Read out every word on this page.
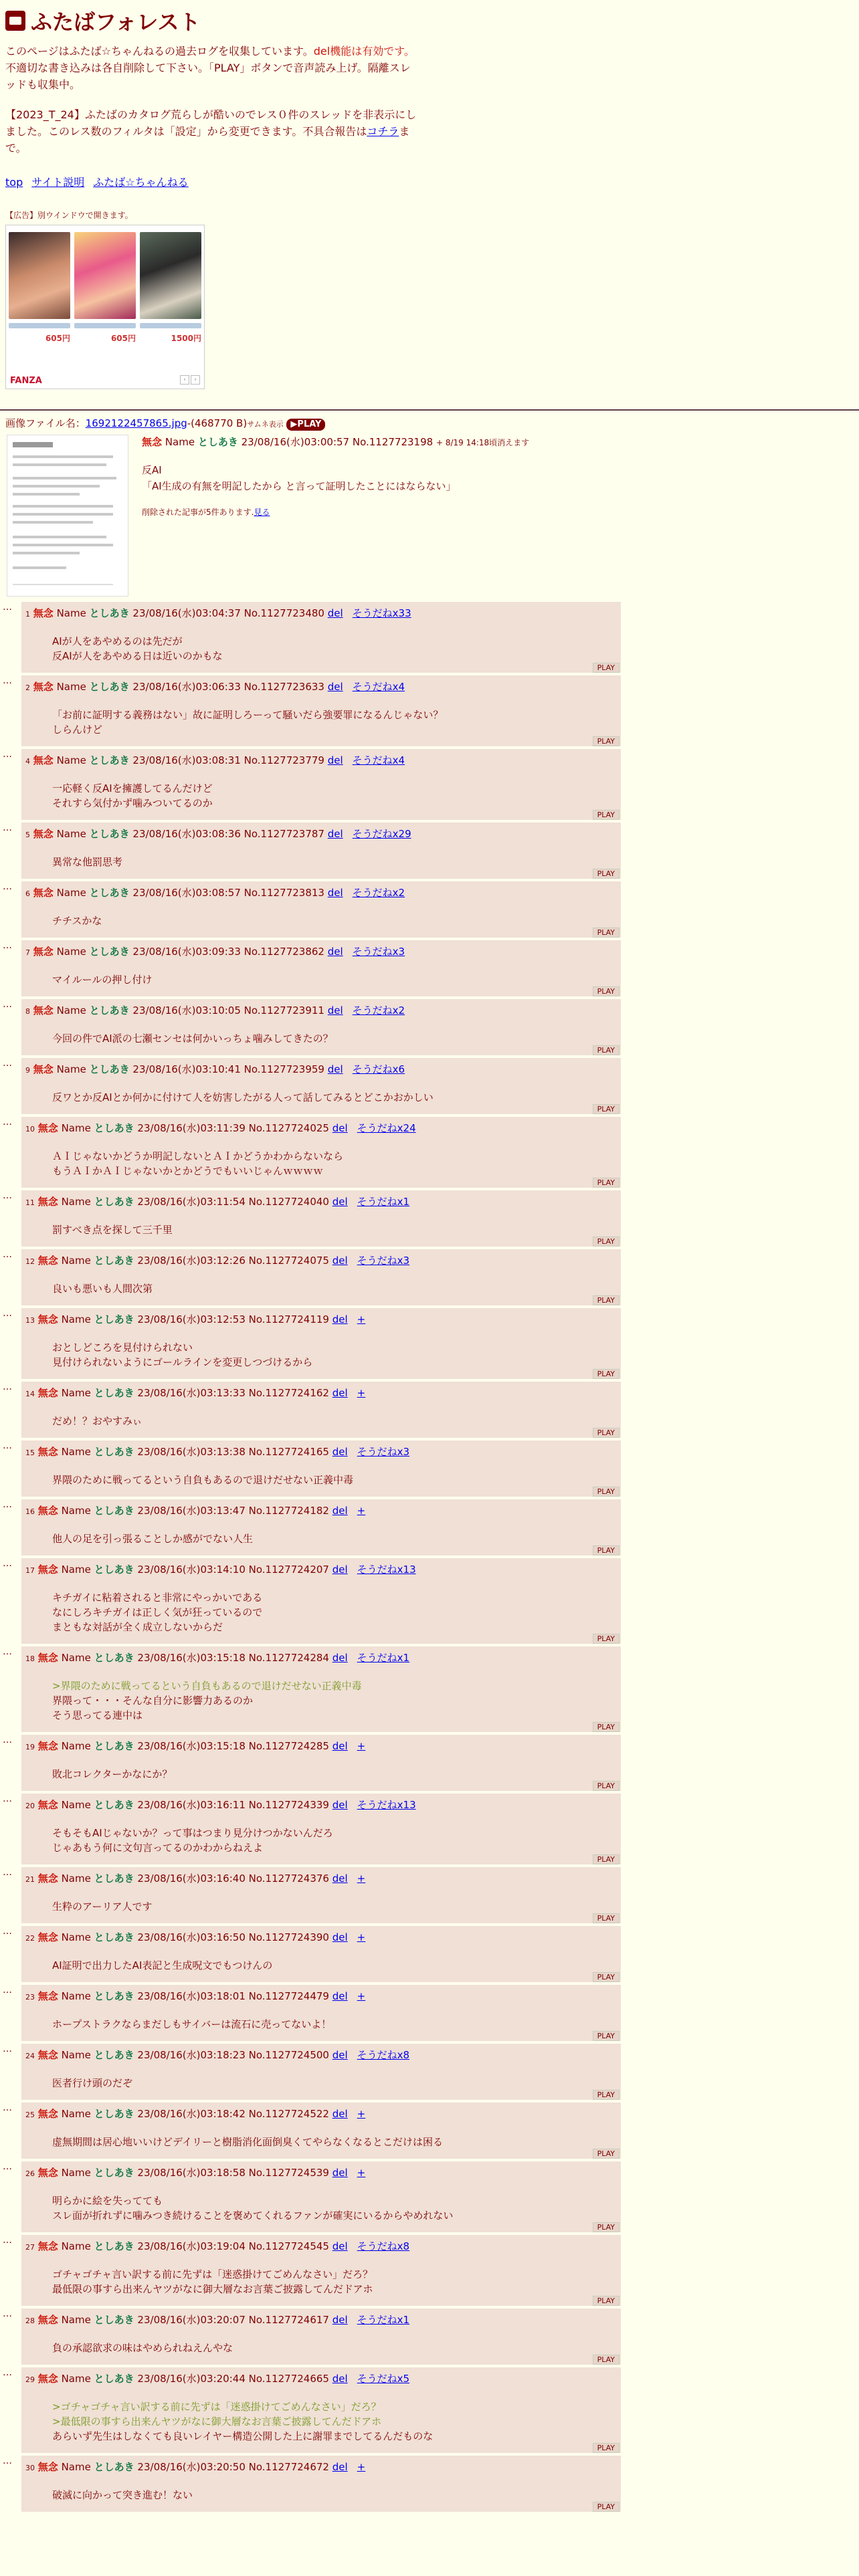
ふたばフォレスト

このページはふたば☆ちゃんねるの過去ログを収集しています。del機能は有効です。不適切な書き込みは各自削除して下さい。「PLAY」ボタンで音声読み上げ。隔離スレッドも収集中。

【2023_T_24】ふたばのカタログ荒らしが酷いのでレス０件のスレッドを非表示にしました。このレス数のフィルタは「設定」から変更できます。不具合報告はコチラまで。

top サイト説明 ふたば☆ちゃんねる
【広告】別ウインドウで開きます。
605円	605円	1500円
FANZA	‹	›
画像ファイル名：1692122457865.jpg-(468770 B)サムネ表示 ▶PLAY
無念 Name としあき 23/08/16(水)03:00:57 No.1127723198 + 8/19 14:18頃消えます
反AI
「AI生成の有無を明記したから と言って証明したことにはならない」
削除された記事が5件あります.見る
…
1 無念 Name としあき 23/08/16(水)03:04:37 No.1127723480 del そうだねx33
AIが人をあやめるのは先だが
反AIが人をあやめる日は近いのかもな
PLAY
…
2 無念 Name としあき 23/08/16(水)03:06:33 No.1127723633 del そうだねx4
「お前に証明する義務はない」故に証明しろーって騒いだら強要罪になるんじゃない？
しらんけど
PLAY
…
4 無念 Name としあき 23/08/16(水)03:08:31 No.1127723779 del そうだねx4
一応軽く反AIを擁護してるんだけど
それすら気付かず噛みついてるのか
PLAY
…
5 無念 Name としあき 23/08/16(水)03:08:36 No.1127723787 del そうだねx29
異常な他罰思考
PLAY
…
6 無念 Name としあき 23/08/16(水)03:08:57 No.1127723813 del そうだねx2
チチスかな
PLAY
…
7 無念 Name としあき 23/08/16(水)03:09:33 No.1127723862 del そうだねx3
マイルールの押し付け
PLAY
…
8 無念 Name としあき 23/08/16(水)03:10:05 No.1127723911 del そうだねx2
今回の件でAI派の七瀬センセは何かいっちょ噛みしてきたの？
PLAY
…
9 無念 Name としあき 23/08/16(水)03:10:41 No.1127723959 del そうだねx6
反ワとか反AIとか何かに付けて人を妨害したがる人って話してみるとどこかおかしい
PLAY
…
10 無念 Name としあき 23/08/16(水)03:11:39 No.1127724025 del そうだねx24
ＡＩじゃないかどうか明記しないとＡＩかどうかわからないなら
もうＡＩかＡＩじゃないかとかどうでもいいじゃんｗｗｗｗ
PLAY
…
11 無念 Name としあき 23/08/16(水)03:11:54 No.1127724040 del そうだねx1
罰すべき点を探して三千里
PLAY
…
12 無念 Name としあき 23/08/16(水)03:12:26 No.1127724075 del そうだねx3
良いも悪いも人間次第
PLAY
…
13 無念 Name としあき 23/08/16(水)03:12:53 No.1127724119 del +
おとしどころを見付けられない
見付けられないようにゴールラインを変更しつづけるから
PLAY
…
14 無念 Name としあき 23/08/16(水)03:13:33 No.1127724162 del +
だめ！？おやすみぃ
PLAY
…
15 無念 Name としあき 23/08/16(水)03:13:38 No.1127724165 del そうだねx3
界隈のために戦ってるという自負もあるので退けだせない正義中毒
PLAY
…
16 無念 Name としあき 23/08/16(水)03:13:47 No.1127724182 del +
他人の足を引っ張ることしか感がでない人生
PLAY
…
17 無念 Name としあき 23/08/16(水)03:14:10 No.1127724207 del そうだねx13
キチガイに粘着されると非常にやっかいである
なにしろキチガイは正しく気が狂っているので
まともな対話が全く成立しないからだ
PLAY
…
18 無念 Name としあき 23/08/16(水)03:15:18 No.1127724284 del そうだねx1
>界隈のために戦ってるという自負もあるので退けだせない正義中毒
界隈って・・・そんな自分に影響力あるのか
そう思ってる連中は
PLAY
…
19 無念 Name としあき 23/08/16(水)03:15:18 No.1127724285 del +
敗北コレクターかなにか？
PLAY
…
20 無念 Name としあき 23/08/16(水)03:16:11 No.1127724339 del そうだねx13
そもそもAIじゃないか？って事はつまり見分けつかないんだろ
じゃあもう何に文句言ってるのかわからねえよ
PLAY
…
21 無念 Name としあき 23/08/16(水)03:16:40 No.1127724376 del +
生粋のアーリア人です
PLAY
…
22 無念 Name としあき 23/08/16(水)03:16:50 No.1127724390 del +
AI証明で出力したAI表記と生成呪文でもつけんの
PLAY
…
23 無念 Name としあき 23/08/16(水)03:18:01 No.1127724479 del +
ホープストラクならまだしもサイバーは流石に売ってないよ！
PLAY
…
24 無念 Name としあき 23/08/16(水)03:18:23 No.1127724500 del そうだねx8
医者行け頭のだぞ
PLAY
…
25 無念 Name としあき 23/08/16(水)03:18:42 No.1127724522 del +
虚無期間は居心地いいけどデイリーと樹脂消化面倒臭くてやらなくなるとこだけは困る
PLAY
…
26 無念 Name としあき 23/08/16(水)03:18:58 No.1127724539 del +
明らかに絵を失ってても
スレ面が折れずに噛みつき続けることを褒めてくれるファンが確実にいるからやめれない
PLAY
…
27 無念 Name としあき 23/08/16(水)03:19:04 No.1127724545 del そうだねx8
ゴチャゴチャ言い訳する前に先ずは「迷惑掛けてごめんなさい」だろ？
最低限の事すら出来んヤツがなに御大層なお言葉ご披露してんだドアホ
PLAY
…
28 無念 Name としあき 23/08/16(水)03:20:07 No.1127724617 del そうだねx1
負の承認欲求の味はやめられねえんやな
PLAY
…
29 無念 Name としあき 23/08/16(水)03:20:44 No.1127724665 del そうだねx5
>ゴチャゴチャ言い訳する前に先ずは「迷惑掛けてごめんなさい」だろ？
>最低限の事すら出来んヤツがなに御大層なお言葉ご披露してんだドアホ
あらいず先生はしなくても良いレイヤー構造公開した上に謝罪までしてるんだものな
PLAY
…
30 無念 Name としあき 23/08/16(水)03:20:50 No.1127724672 del +
破滅に向かって突き進む！ない
PLAY
